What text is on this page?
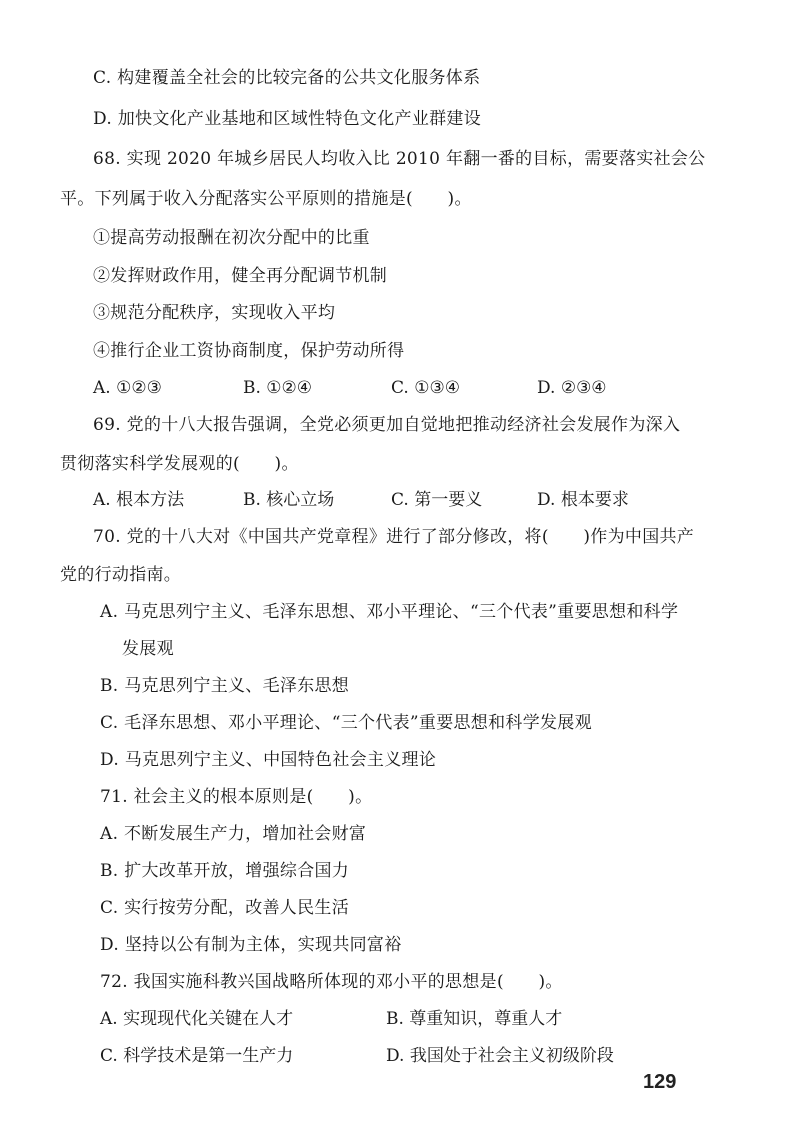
C. 构建覆盖全社会的比较完备的公共文化服务体系
D. 加快文化产业基地和区域性特色文化产业群建设
68. 实现 2020 年城乡居民人均收入比 2010 年翻一番的目标，需要落实社会公
平。下列属于收入分配落实公平原则的措施是(　　)。
①提高劳动报酬在初次分配中的比重
②发挥财政作用，健全再分配调节机制
③规范分配秩序，实现收入平均
④推行企业工资协商制度，保护劳动所得
A. ①②③	B. ①②④	C. ①③④	D. ②③④
69. 党的十八大报告强调，全党必须更加自觉地把推动经济社会发展作为深入
贯彻落实科学发展观的(　　)。
A. 根本方法	B. 核心立场	C. 第一要义	D. 根本要求
70. 党的十八大对《中国共产党章程》进行了部分修改，将(　　)作为中国共产
党的行动指南。
A. 马克思列宁主义、毛泽东思想、邓小平理论、“三个代表”重要思想和科学
发展观
B. 马克思列宁主义、毛泽东思想
C. 毛泽东思想、邓小平理论、“三个代表”重要思想和科学发展观
D. 马克思列宁主义、中国特色社会主义理论
71. 社会主义的根本原则是(　　)。
A. 不断发展生产力，增加社会财富
B. 扩大改革开放，增强综合国力
C. 实行按劳分配，改善人民生活
D. 坚持以公有制为主体，实现共同富裕
72. 我国实施科教兴国战略所体现的邓小平的思想是(　　)。
A. 实现现代化关键在人才	B. 尊重知识，尊重人才
C. 科学技术是第一生产力	D. 我国处于社会主义初级阶段
129
